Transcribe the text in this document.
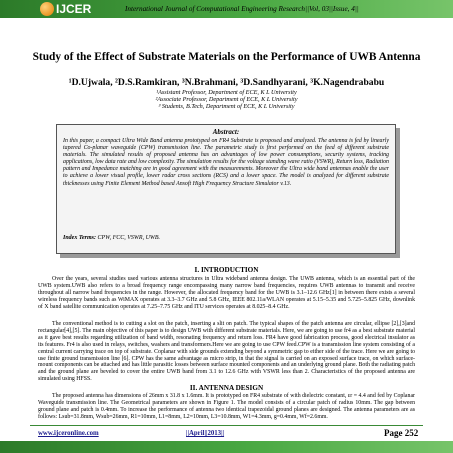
IJCER	International Journal of Computational Engineering Research||Vol, 03||Issue, 4||
Study of the Effect of Substrate Materials on the Performance of UWB Antenna
¹D.Ujwala, ²D.S.Ramkiran, ³N.Brahmani, ³D.Sandhyarani, ³K.Nagendrababu
¹Assistant Professor, Department of ECE, K L University
²Associate Professor, Department of ECE, K L University
³ Students, B.Tech, Department of ECE, K L University
Abstract:
In this paper, a compact Ultra Wide Band antenna prototyped on FR4 Substrate is proposed and analyzed. The antenna is fed by linearly tapered Co-planar waveguide (CPW) transmission line. The parametric study is first performed on the feed of different substrate materials. The simulated results of proposed antenna has an advantages of low power consumptions, security systems, tracking applications, low data rate and low complexity. The simulation results for the voltage standing wave ratio (VSWR), Return loss, Radiation pattern and Impedance matching are in good agreement with the measurements. Moreover the Ultra wide band antennas enable the user to achieve a lower visual profile, lower radar cross sections (RCS) and a lower space. The model is analyzed for different substrate thicknesses using Finite Element Method based Ansoft High Frequency Structure Simulator v.13.
Index Terms: CPW, FCC, VSWR, UWB.
I. INTRODUCTION
Over the years, several studies used various antenna structures in Ultra wideband antenna design. The UWB antenna, which is an essential part of the UWB system.UWB also refers to a broad frequency range encompassing many narrow band frequencies, requires UWB antennas to transmit and receive throughout all narrow band frequencies in the range. However, the allocated frequency band for the UWB is 3.1–12.6 GHz[1] in between there exists a several wireless frequency bands such as WiMAX operates at 3.3–3.7 GHz and 5.8 GHz, IEEE 802.11a/WLAN operates at 5.15–5.35 and 5.725–5.825 GHz, downlink of X band satellite communication operates at 7.25–7.75 GHz and ITU services operates at 8.025–8.4 GHz.
The conventional method is to cutting a slot on the patch, inserting a slit on patch. The typical shapes of the patch antenna are circular, ellipse [2],[3]and rectangular[4],[5]. The main objective of this paper is to design UWB with different substrate materials. Here, we are going to use fr4 as a best substrate material as it gave best results regarding utilization of band width, resonating frequency and return loss. FR4 have good fabrication process, good electrical insulator as its features. Fr4 is also used in relays, switches, washers and transformers.Here we are going to use CPW feed.CPW is a transmission line system consisting of a central current carrying trace on top of substrate. Coplanar with side grounds extending beyond a symmetric gap to either side of the trace. Here we are going to use finite ground transmission line [6]. CPW has the same advantage as micro strip, in that the signal is carried on an exposed surface trace, on which surface-mount components can be attached and has little parasitic losses between surface mounted components and an underlying ground plane. Both the radiating patch and the ground plane are beveled to cover the entire UWB band from 3.1 to 12.6 GHz with VSWR less than 2. Characteristics of the proposed antenna are simulated using HFSS.
II. ANTENNA DESIGN
The proposed antenna has dimensions of 26mm x 31.8 x 1.6mm. It is prototyped on FR4 substrate of with dielectric constant, εr = 4.4 and fed by Coplanar Waveguide transmission line. The Geometrical parameters are shown in Figure 1. The model consists of a circular patch of radius 10mm. The gap between ground plane and patch is 0.4mm. To increase the performance of antenna two identical trapezoidal ground planes are designed. The antenna parameters are as follows: Lsub=31.8mm, Wsub=26mm, R1=10mm, L1=8mm, L2=10mm, L3=10.8mm, W1=4.3mm, g=0.4mm, Wf=2.6mm.
www.ijceronline.com	||April||2013||	Page 252
